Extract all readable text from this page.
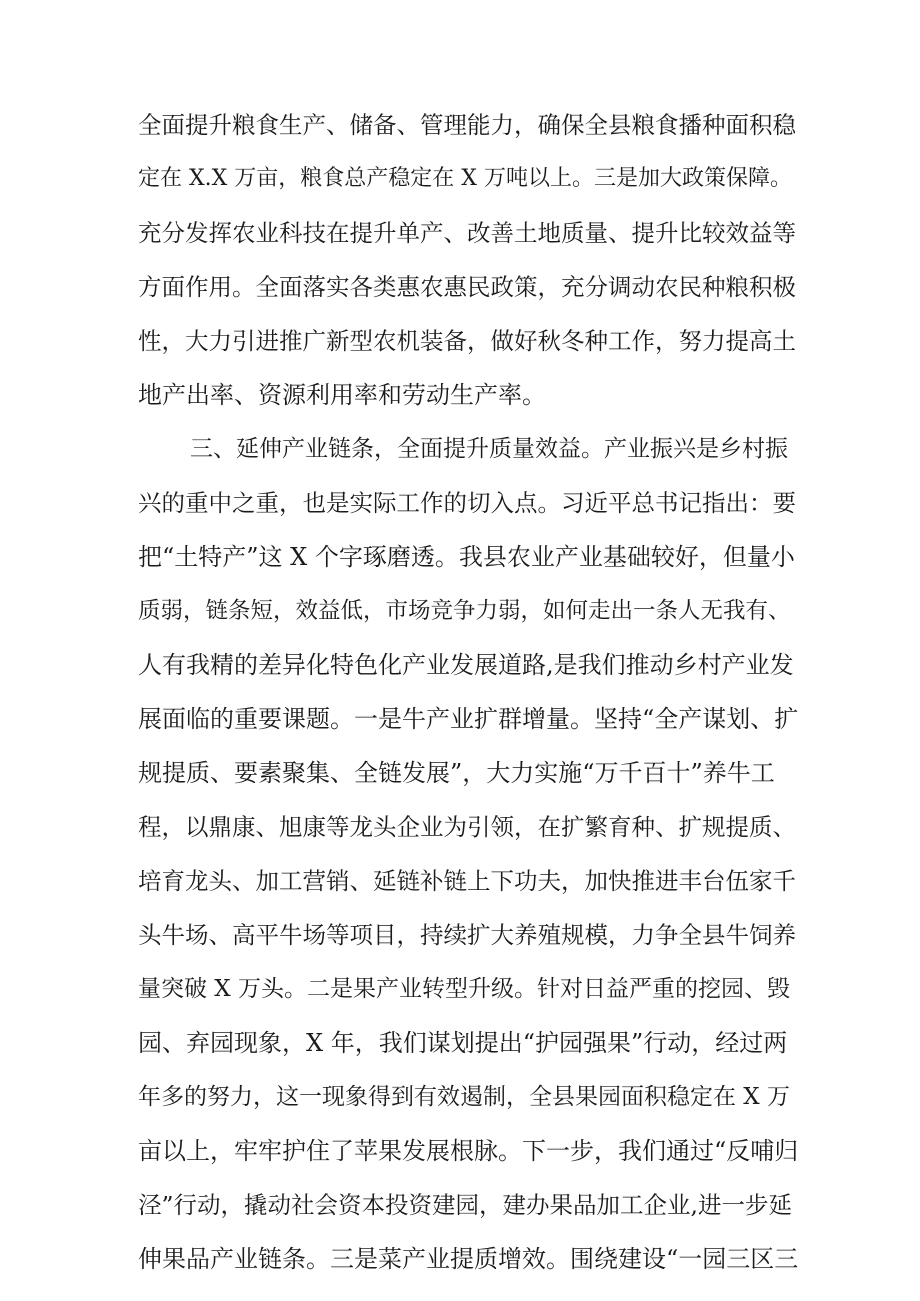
全面提升粮食生产、储备、管理能力，确保全县粮食播种面积稳
定在 X.X 万亩，粮食总产稳定在 X 万吨以上。三是加大政策保障。
充分发挥农业科技在提升单产、改善土地质量、提升比较效益等
方面作用。全面落实各类惠农惠民政策，充分调动农民种粮积极
性，大力引进推广新型农机装备，做好秋冬种工作，努力提高土
地产出率、资源利用率和劳动生产率。
三、延伸产业链条，全面提升质量效益。产业振兴是乡村振
兴的重中之重，也是实际工作的切入点。习近平总书记指出：要
把“土特产”这 X 个字琢磨透。我县农业产业基础较好，但量小
质弱，链条短，效益低，市场竞争力弱，如何走出一条人无我有、
人有我精的差异化特色化产业发展道路,是我们推动乡村产业发
展面临的重要课题。一是牛产业扩群增量。坚持“全产谋划、扩
规提质、要素聚集、全链发展”，大力实施“万千百十”养牛工
程，以鼎康、旭康等龙头企业为引领，在扩繁育种、扩规提质、
培育龙头、加工营销、延链补链上下功夫，加快推进丰台伍家千
头牛场、高平牛场等项目，持续扩大养殖规模，力争全县牛饲养
量突破 X 万头。二是果产业转型升级。针对日益严重的挖园、毁
园、弃园现象，X 年，我们谋划提出“护园强果”行动，经过两
年多的努力，这一现象得到有效遏制，全县果园面积稳定在 X 万
亩以上，牢牢护住了苹果发展根脉。下一步，我们通过“反哺归
泾”行动，撬动社会资本投资建园，建办果品加工企业,进一步延
伸果品产业链条。三是菜产业提质增效。围绕建设“一园三区三
